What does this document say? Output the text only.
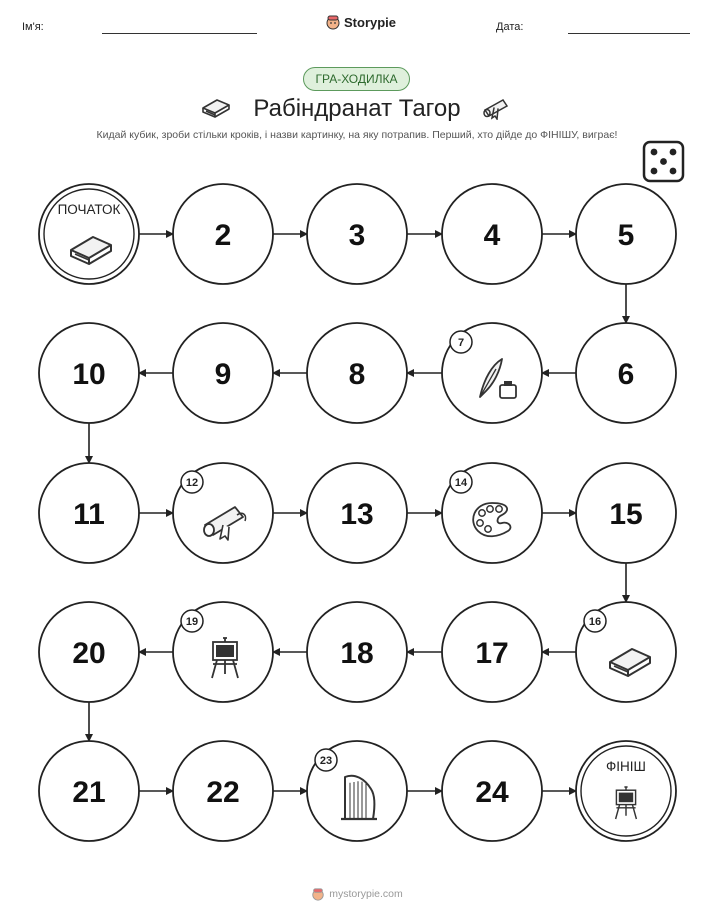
Ім'я:	Storypie	Дата:
ГРА-ХОДИЛКА
Рабіндранат Тагор
Кидай кубик, зроби стільки кроків, і назви картинку, на яку потрапив. Перший, хто дійде до ФІНІШУ, виграє!
ПОЧАТОК
2	3	4	5
6
7
8
9
10
11
12
13
14
15
16
17
18
19
20
21	22
23
24
ФІНІШ
mystorypie.com
